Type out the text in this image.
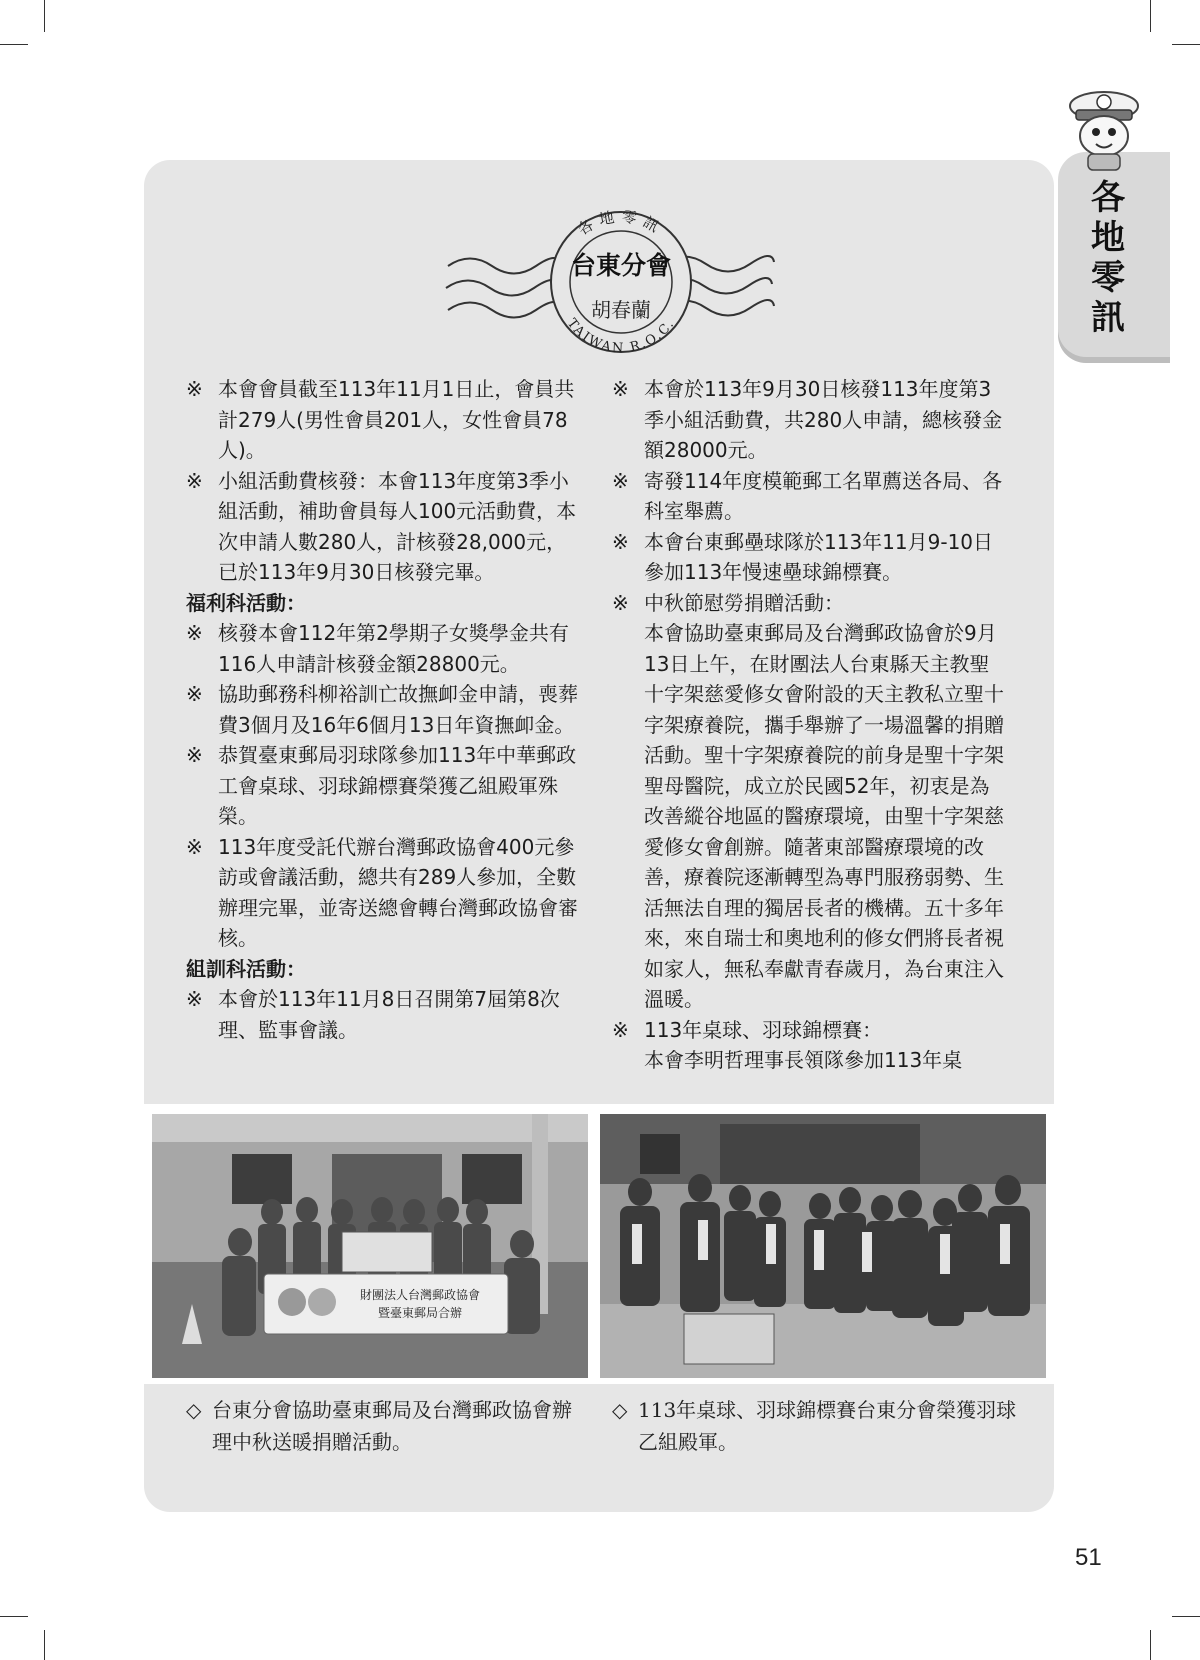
各地零訊
各地零訊
TAIWAN R.O.C.
台東分會
胡春蘭
※ 本會會員截至113年11月1日止，會員共計279人(男性會員201人，女性會員78人)。
※ 小組活動費核發：本會113年度第3季小組活動，補助會員每人100元活動費，本次申請人數280人，計核發28,000元，已於113年9月30日核發完畢。
福利科活動：
※ 核發本會112年第2學期子女獎學金共有116人申請計核發金額28800元。
※ 協助郵務科柳裕訓亡故撫卹金申請，喪葬費3個月及16年6個月13日年資撫卹金。
※ 恭賀臺東郵局羽球隊參加113年中華郵政工會桌球、羽球錦標賽榮獲乙組殿軍殊榮。
※ 113年度受託代辦台灣郵政協會400元參訪或會議活動，總共有289人參加，全數辦理完畢，並寄送總會轉台灣郵政協會審核。
組訓科活動：
※ 本會於113年11月8日召開第7屆第8次理、監事會議。
※ 本會於113年9月30日核發113年度第3季小組活動費，共280人申請，總核發金額28000元。
※ 寄發114年度模範郵工名單薦送各局、各科室舉薦。
※ 本會台東郵壘球隊於113年11月9-10日參加113年慢速壘球錦標賽。
※ 中秋節慰勞捐贈活動：
本會協助臺東郵局及台灣郵政協會於9月13日上午，在財團法人台東縣天主教聖十字架慈愛修女會附設的天主教私立聖十字架療養院，攜手舉辦了一場溫馨的捐贈活動。聖十字架療養院的前身是聖十字架聖母醫院，成立於民國52年，初衷是為改善縱谷地區的醫療環境，由聖十字架慈愛修女會創辦。隨著東部醫療環境的改善，療養院逐漸轉型為專門服務弱勢、生活無法自理的獨居長者的機構。五十多年來，來自瑞士和奧地利的修女們將長者視如家人，無私奉獻青春歲月，為台東注入溫暖。
※ 113年桌球、羽球錦標賽：
本會李明哲理事長領隊參加113年桌
財團法人台灣郵政協會
暨臺東郵局合辦
◇ 台東分會協助臺東郵局及台灣郵政協會辦理中秋送暖捐贈活動。
◇ 113年桌球、羽球錦標賽台東分會榮獲羽球乙組殿軍。
51
